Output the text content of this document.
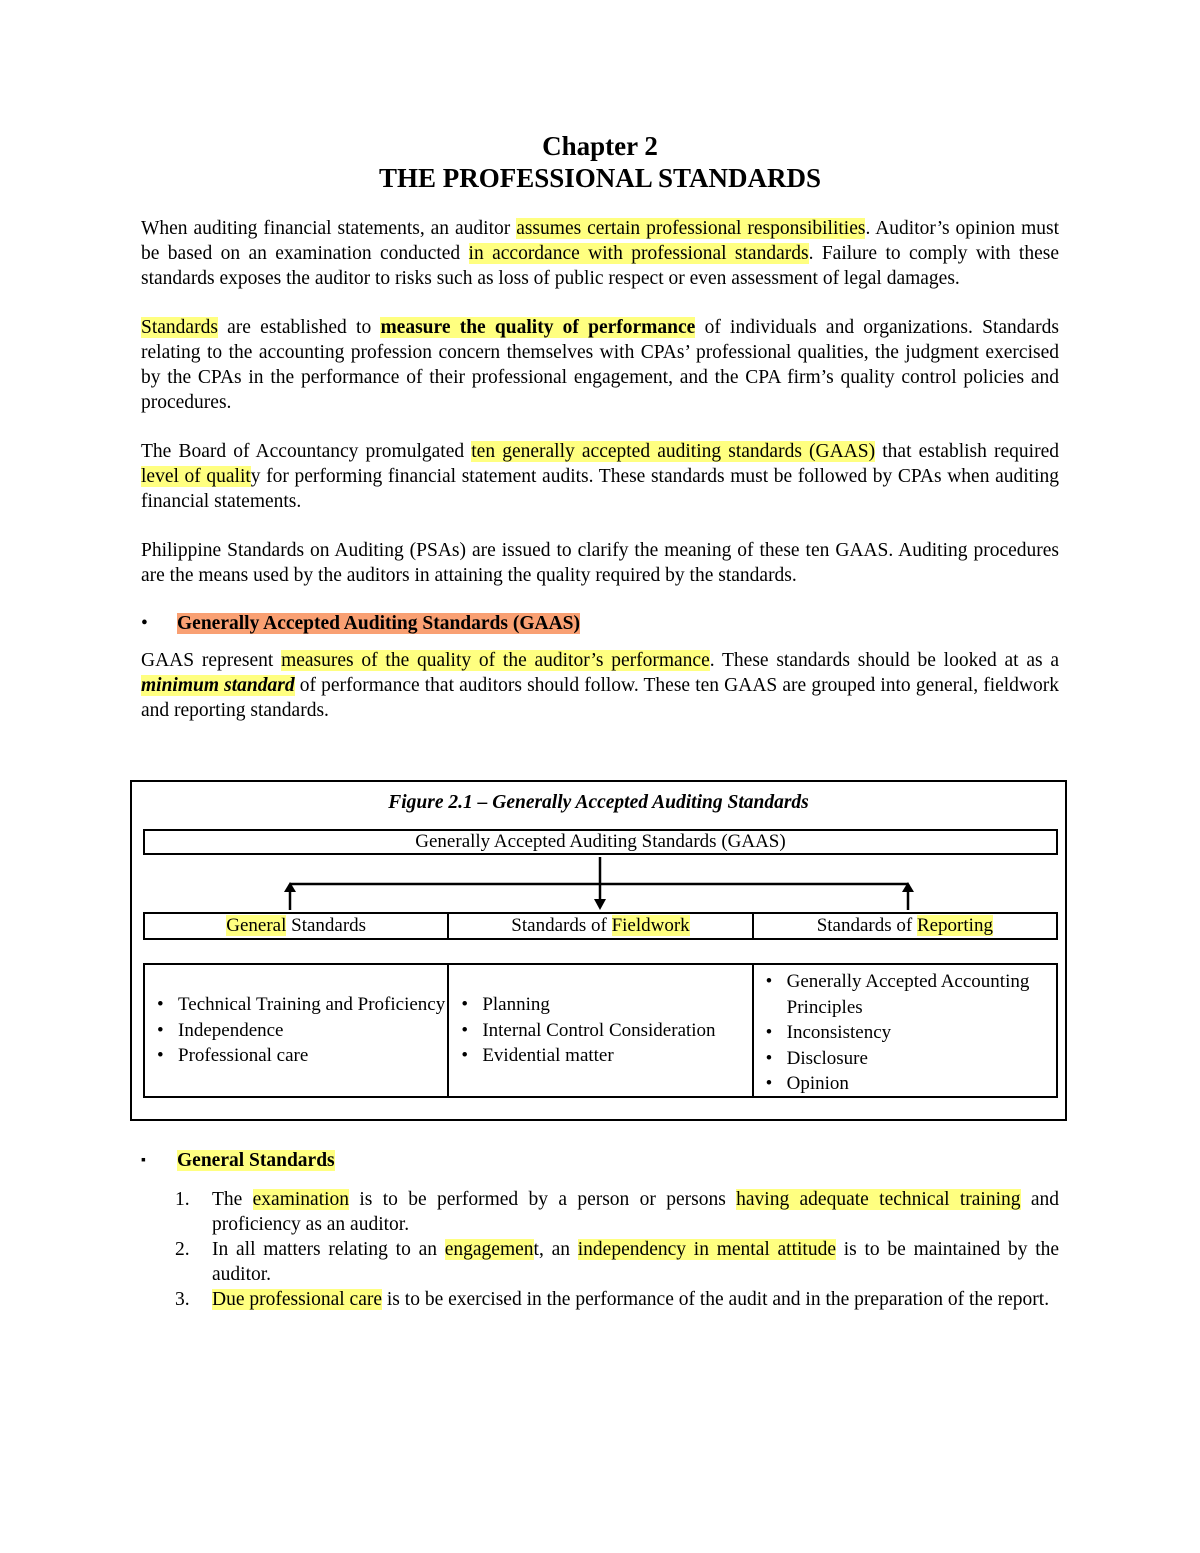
Chapter 2
THE PROFESSIONAL STANDARDS

When auditing financial statements, an auditor assumes certain professional responsibilities. Auditor’s opinion must be based on an examination conducted in accordance with professional standards. Failure to comply with these standards exposes the auditor to risks such as loss of public respect or even assessment of legal damages.

Standards are established to measure the quality of performance of individuals and organizations. Standards relating to the accounting profession concern themselves with CPAs’ professional qualities, the judgment exercised by the CPAs in the performance of their professional engagement, and the CPA firm’s quality control policies and procedures.

The Board of Accountancy promulgated ten generally accepted auditing standards (GAAS) that establish required level of quality for performing financial statement audits. These standards must be followed by CPAs when auditing financial statements.

Philippine Standards on Auditing (PSAs) are issued to clarify the meaning of these ten GAAS. Auditing procedures are the means used by the auditors in attaining the quality required by the standards.

• Generally Accepted Auditing Standards (GAAS)

GAAS represent measures of the quality of the auditor’s performance. These standards should be looked at as a minimum standard of performance that auditors should follow. These ten GAAS are grouped into general, fieldwork and reporting standards.

Figure 2.1 – Generally Accepted Auditing Standards
Generally Accepted Auditing Standards (GAAS)
General Standards	Standards of Fieldwork	Standards of Reporting
• Technical Training and Proficiency
• Independence
• Professional care
• Planning
• Internal Control Consideration
• Evidential matter
• Generally Accepted Accounting Principles
• Inconsistency
• Disclosure
• Opinion
▪ General Standards
1. The examination is to be performed by a person or persons having adequate technical training and proficiency as an auditor.
2. In all matters relating to an engagement, an independency in mental attitude is to be maintained by the auditor.
3. Due professional care is to be exercised in the performance of the audit and in the preparation of the report.
